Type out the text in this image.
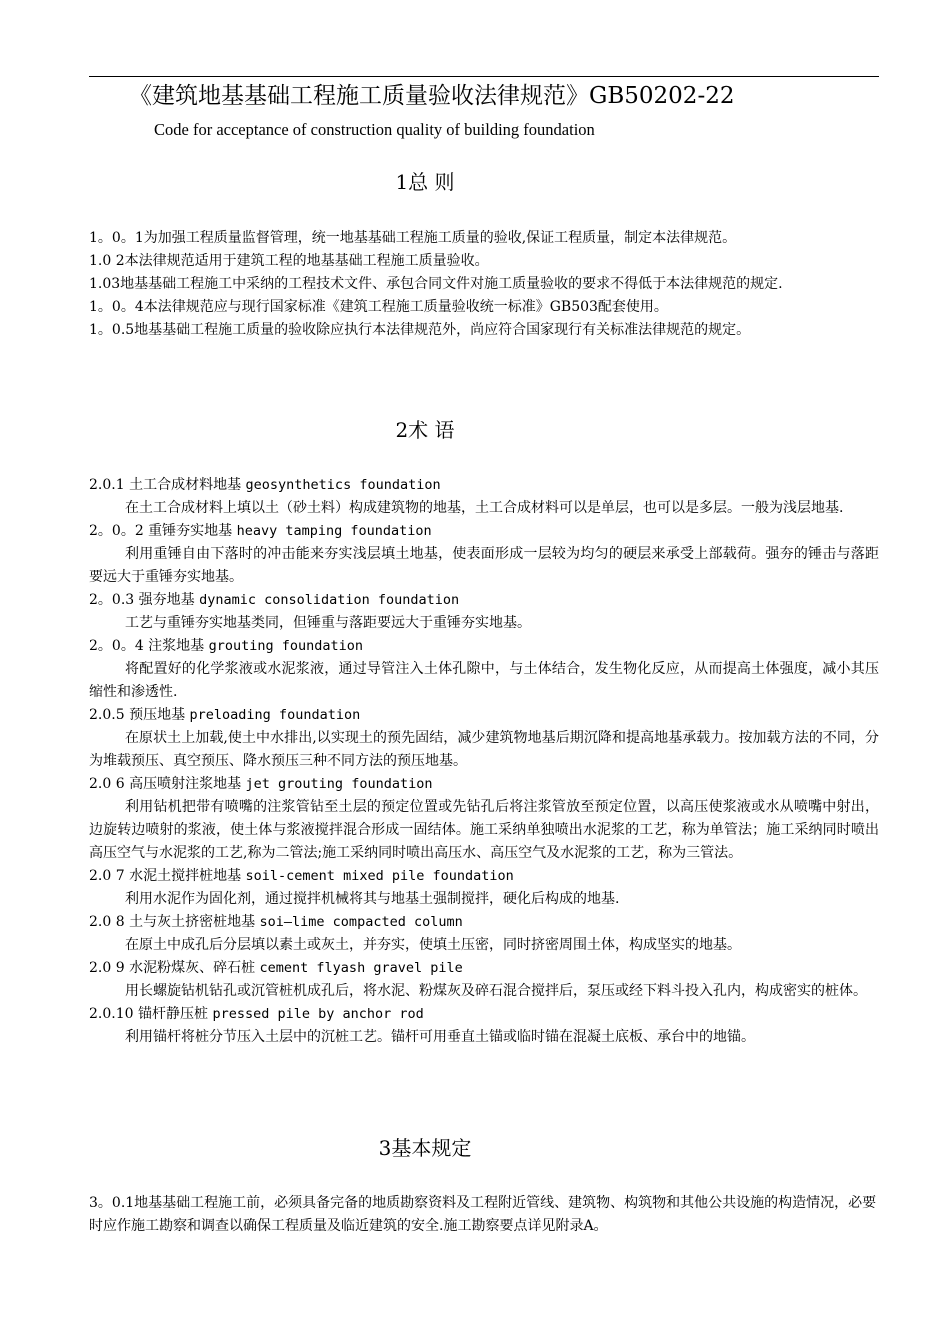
《建筑地基基础工程施工质量验收法律规范》GB50202-22
Code for acceptance of construction quality of building foundation
1总 则

1。0。1为加强工程质量监督管理，统一地基基础工程施工质量的验收,保证工程质量，制定本法律规范。

1.0 2本法律规范适用于建筑工程的地基基础工程施工质量验收。

1.03地基基础工程施工中采纳的工程技术文件、承包合同文件对施工质量验收的要求不得低于本法律规范的规定.

1。0。4本法律规范应与现行国家标准《建筑工程施工质量验收统一标准》GB503配套使用。

1。0.5地基基础工程施工质量的验收除应执行本法律规范外，尚应符合国家现行有关标准法律规范的规定。

2术 语
2.0.1 土工合成材料地基 geosynthetics foundation

在土工合成材料上填以土（砂土料）构成建筑物的地基，土工合成材料可以是单层，也可以是多层。一般为浅层地基.

2。0。2 重锤夯实地基 heavy tamping foundation

利用重锤自由下落时的冲击能来夯实浅层填土地基，使表面形成一层较为均匀的硬层来承受上部载荷。强夯的锤击与落距要远大于重锤夯实地基。

2。0.3 强夯地基 dynamic consolidation foundation

工艺与重锤夯实地基类同，但锤重与落距要远大于重锤夯实地基。

2。0。4 注浆地基 grouting foundation

将配置好的化学浆液或水泥浆液，通过导管注入土体孔隙中，与土体结合，发生物化反应，从而提高土体强度，减小其压缩性和渗透性.

2.0.5 预压地基 preloading foundation

在原状土上加载,使土中水排出,以实现土的预先固结，减少建筑物地基后期沉降和提高地基承载力。按加载方法的不同，分为堆载预压、真空预压、降水预压三种不同方法的预压地基。

2.0 6 高压喷射注浆地基 jet grouting foundation

利用钻机把带有喷嘴的注浆管钻至土层的预定位置或先钻孔后将注浆管放至预定位置，以高压使浆液或水从喷嘴中射出，边旋转边喷射的浆液，使土体与浆液搅拌混合形成一固结体。施工采纳单独喷出水泥浆的工艺，称为单管法；施工采纳同时喷出高压空气与水泥浆的工艺,称为二管法;施工采纳同时喷出高压水、高压空气及水泥浆的工艺，称为三管法。

2.0 7 水泥土搅拌桩地基 soil-cement mixed pile foundation

利用水泥作为固化剂，通过搅拌机械将其与地基土强制搅拌，硬化后构成的地基.

2.0 8 土与灰土挤密桩地基 soi—lime compacted column

在原土中成孔后分层填以素土或灰土，并夯实，使填土压密，同时挤密周围土体，构成坚实的地基。

2.0 9 水泥粉煤灰、碎石桩 cement flyash gravel pile

用长螺旋钻机钻孔或沉管桩机成孔后，将水泥、粉煤灰及碎石混合搅拌后，泵压或经下料斗投入孔内，构成密实的桩体。

2.0.10 锚杆静压桩 pressed pile by anchor rod

利用锚杆将桩分节压入土层中的沉桩工艺。锚杆可用垂直土锚或临时锚在混凝土底板、承台中的地锚。

3基本规定

3。0.1地基基础工程施工前，必须具备完备的地质勘察资料及工程附近管线、建筑物、构筑物和其他公共设施的构造情况，必要时应作施工勘察和调查以确保工程质量及临近建筑的安全.施工勘察要点详见附录A。
